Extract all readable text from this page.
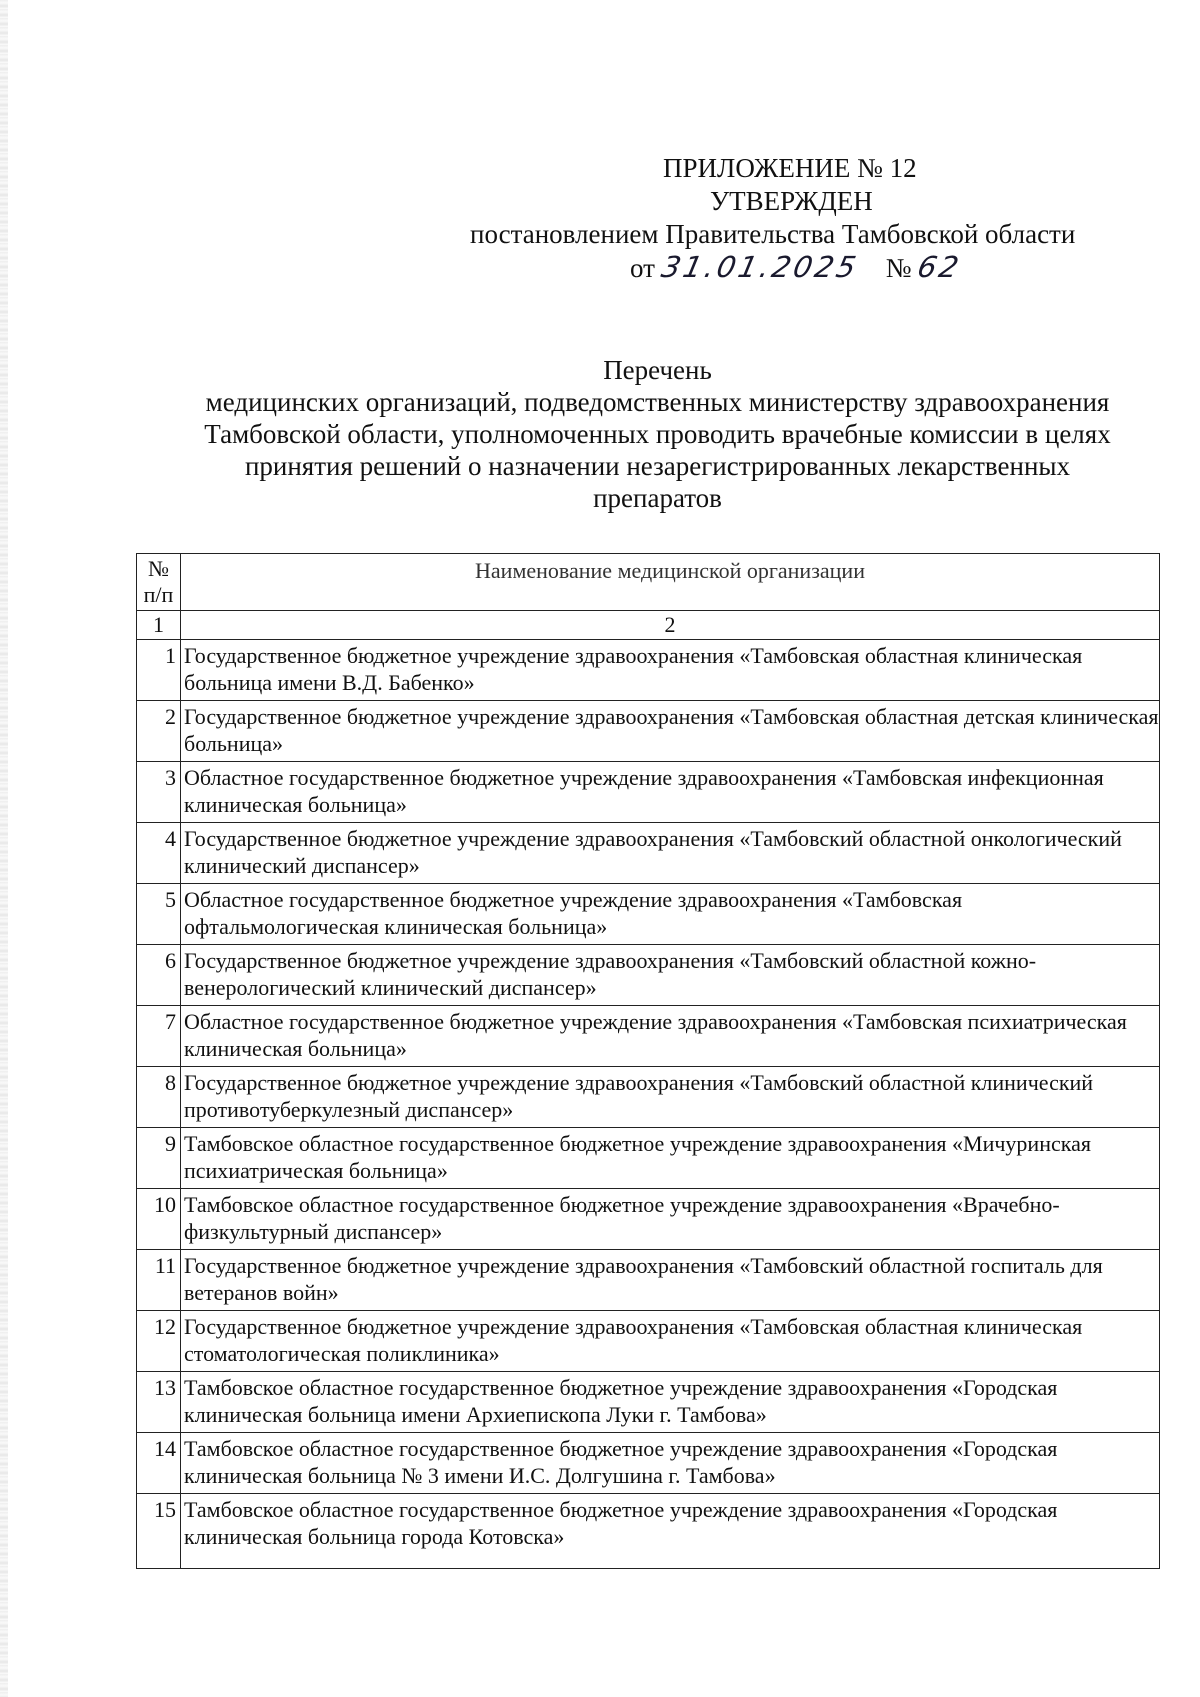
ПРИЛОЖЕНИЕ № 12
УТВЕРЖДЕН
постановлением Правительства Тамбовской области
от 31.01.2025 № 62
Перечень
медицинских организаций, подведомственных министерству здравоохранения
Тамбовской области, уполномоченных проводить врачебные комиссии в целях
принятия решений о назначении незарегистрированных лекарственных
препаратов
№
п/п	Наименование медицинской организации
1	2
1	Государственное бюджетное учреждение здравоохранения «Тамбовская областная клиническая больница имени В.Д. Бабенко»
2	Государственное бюджетное учреждение здравоохранения «Тамбовская областная детская клиническая больница»
3	Областное государственное бюджетное учреждение здравоохранения «Тамбовская инфекционная клиническая больница»
4	Государственное бюджетное учреждение здравоохранения «Тамбовский областной онкологический клинический диспансер»
5	Областное государственное бюджетное учреждение здравоохранения «Тамбовская офтальмологическая клиническая больница»
6	Государственное бюджетное учреждение здравоохранения «Тамбовский областной кожно-венерологический клинический диспансер»
7	Областное государственное бюджетное учреждение здравоохранения «Тамбовская психиатрическая клиническая больница»
8	Государственное бюджетное учреждение здравоохранения «Тамбовский областной клинический противотуберкулезный диспансер»
9	Тамбовское областное государственное бюджетное учреждение здравоохранения «Мичуринская психиатрическая больница»
10	Тамбовское областное государственное бюджетное учреждение здравоохранения «Врачебно-физкультурный диспансер»
11	Государственное бюджетное учреждение здравоохранения «Тамбовский областной госпиталь для ветеранов войн»
12	Государственное бюджетное учреждение здравоохранения «Тамбовская областная клиническая стоматологическая поликлиника»
13	Тамбовское областное государственное бюджетное учреждение здравоохранения «Городская клиническая больница имени Архиепископа Луки г. Тамбова»
14	Тамбовское областное государственное бюджетное учреждение здравоохранения «Городская клиническая больница № 3 имени И.С. Долгушина г. Тамбова»
15	Тамбовское областное государственное бюджетное учреждение здравоохранения «Городская клиническая больница города Котовска»
